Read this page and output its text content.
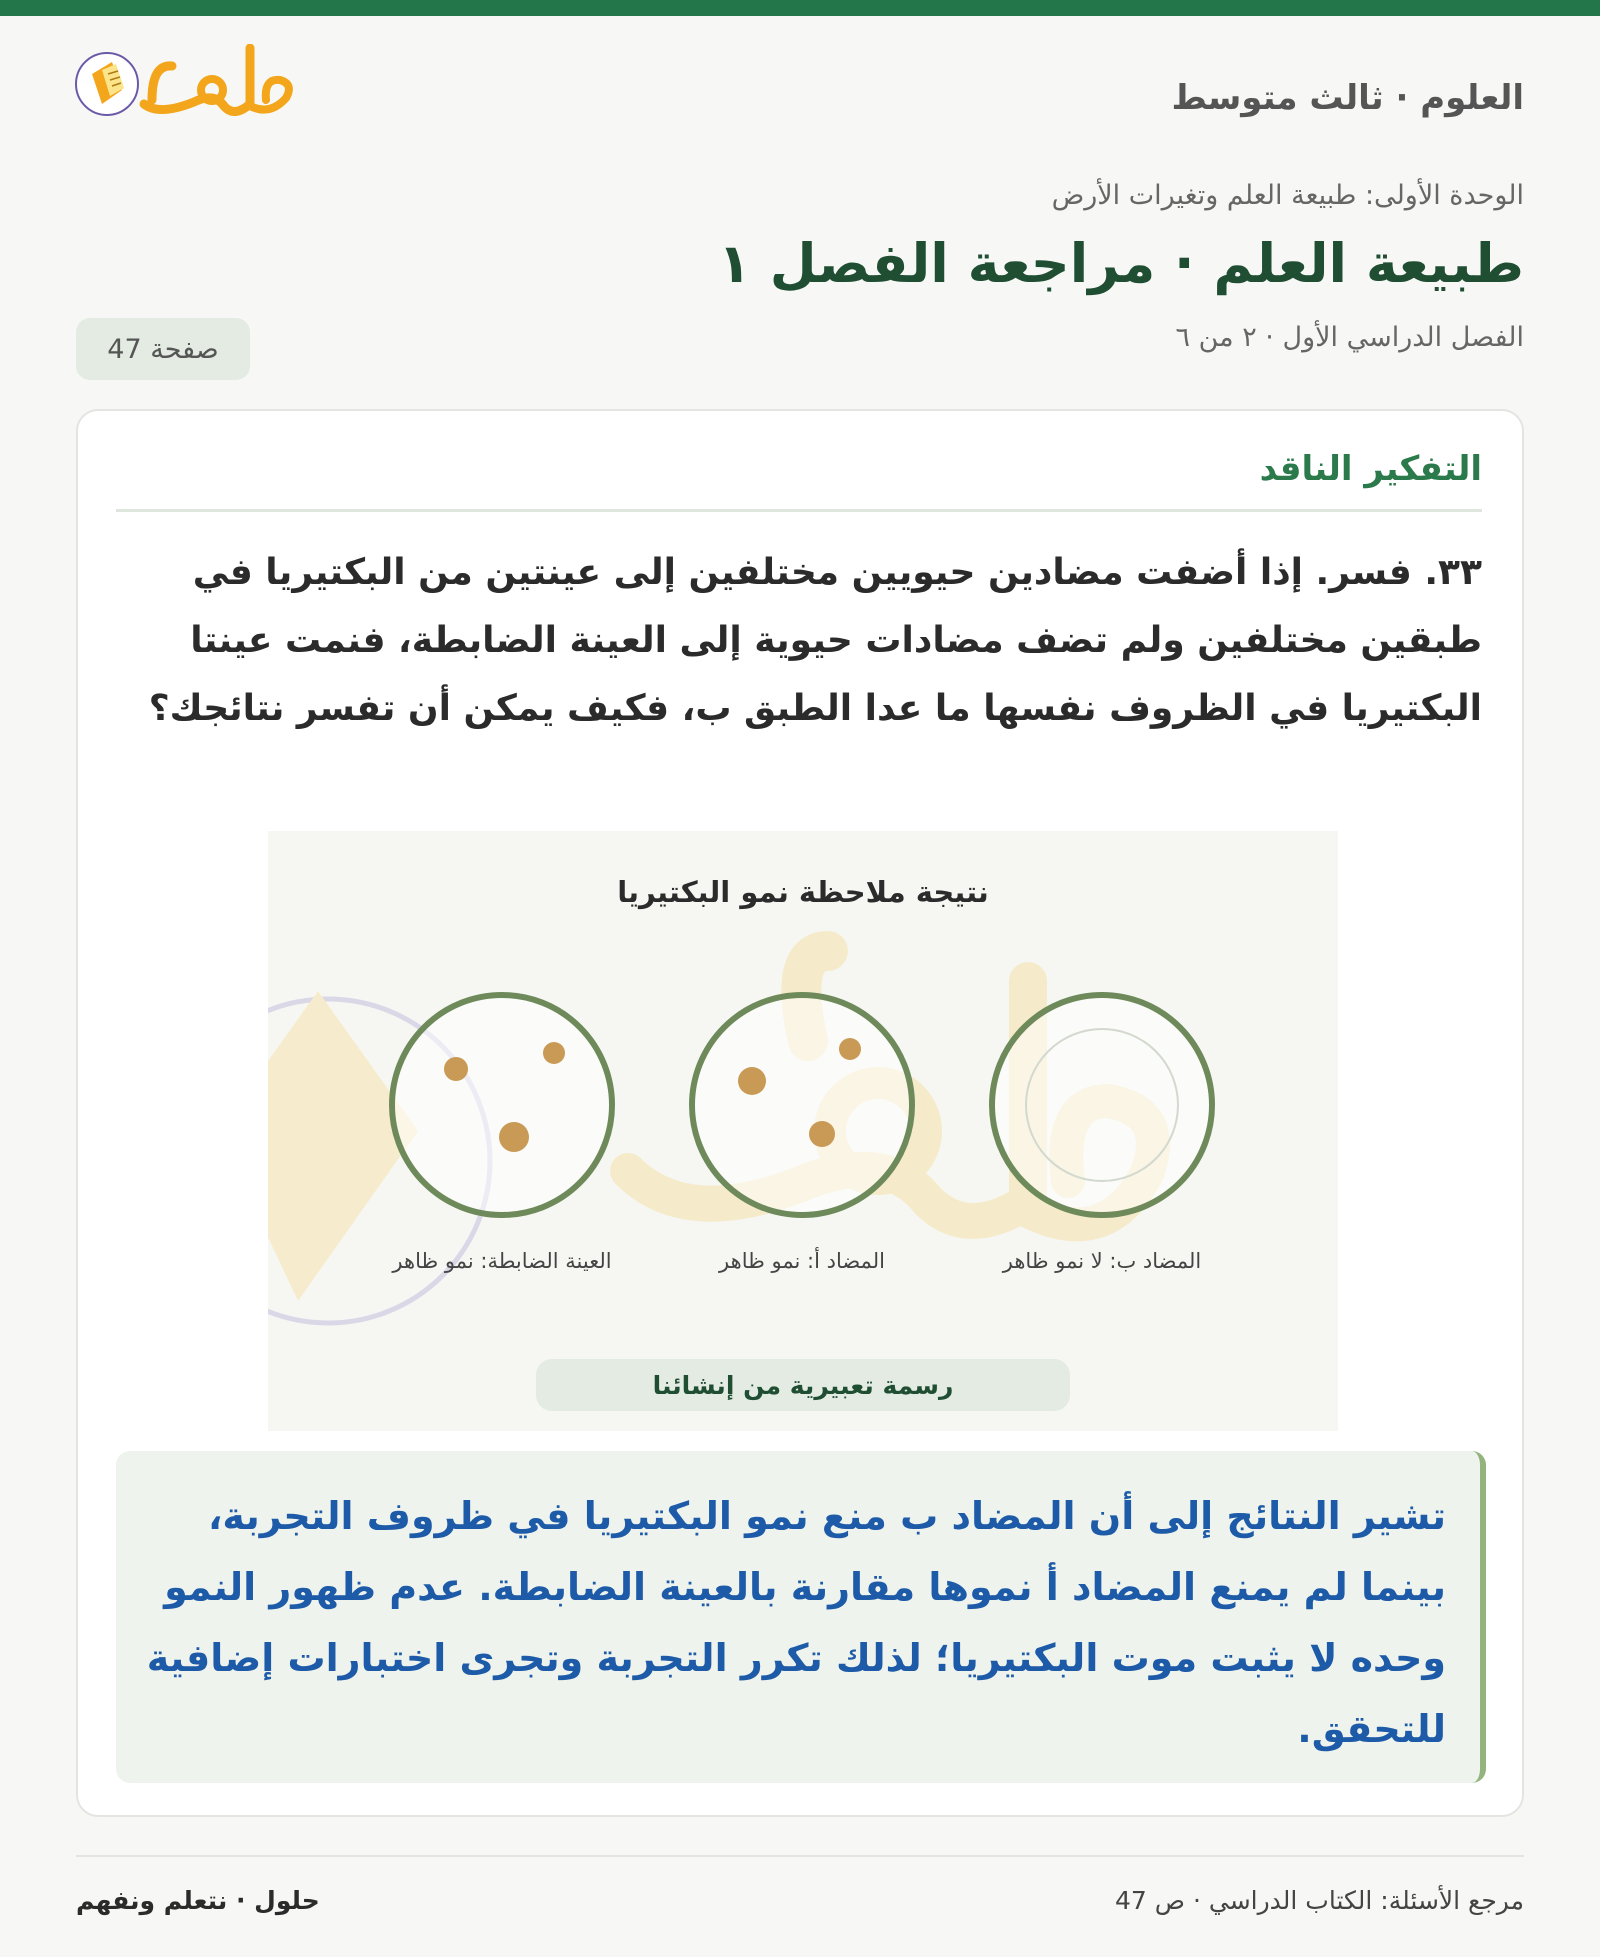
العلوم · ثالث متوسط
الوحدة الأولى: طبيعة العلم وتغيرات الأرض
طبيعة العلم · مراجعة الفصل ١
الفصل الدراسي الأول · ٢ من ٦
صفحة 47
التفكير الناقد

٣٣. فسر. إذا أضفت مضادين حيويين مختلفين إلى عينتين من البكتيريا في طبقين مختلفين ولم تضف مضادات حيوية إلى العينة الضابطة، فنمت عينتا البكتيريا في الظروف نفسها ما عدا الطبق ب، فكيف يمكن أن تفسر نتائجك؟

نتيجة ملاحظة نمو البكتيريا
المضاد ب: لا نمو ظاهر
المضاد أ: نمو ظاهر
العينة الضابطة: نمو ظاهر
رسمة تعبيرية من إنشائنا

تشير النتائج إلى أن المضاد ب منع نمو البكتيريا في ظروف التجربة، بينما لم يمنع المضاد أ نموها مقارنة بالعينة الضابطة. عدم ظهور النمو وحده لا يثبت موت البكتيريا؛ لذلك تكرر التجربة وتجرى اختبارات إضافية للتحقق.

مرجع الأسئلة: الكتاب الدراسي · ص 47
حلول · نتعلم ونفهم
